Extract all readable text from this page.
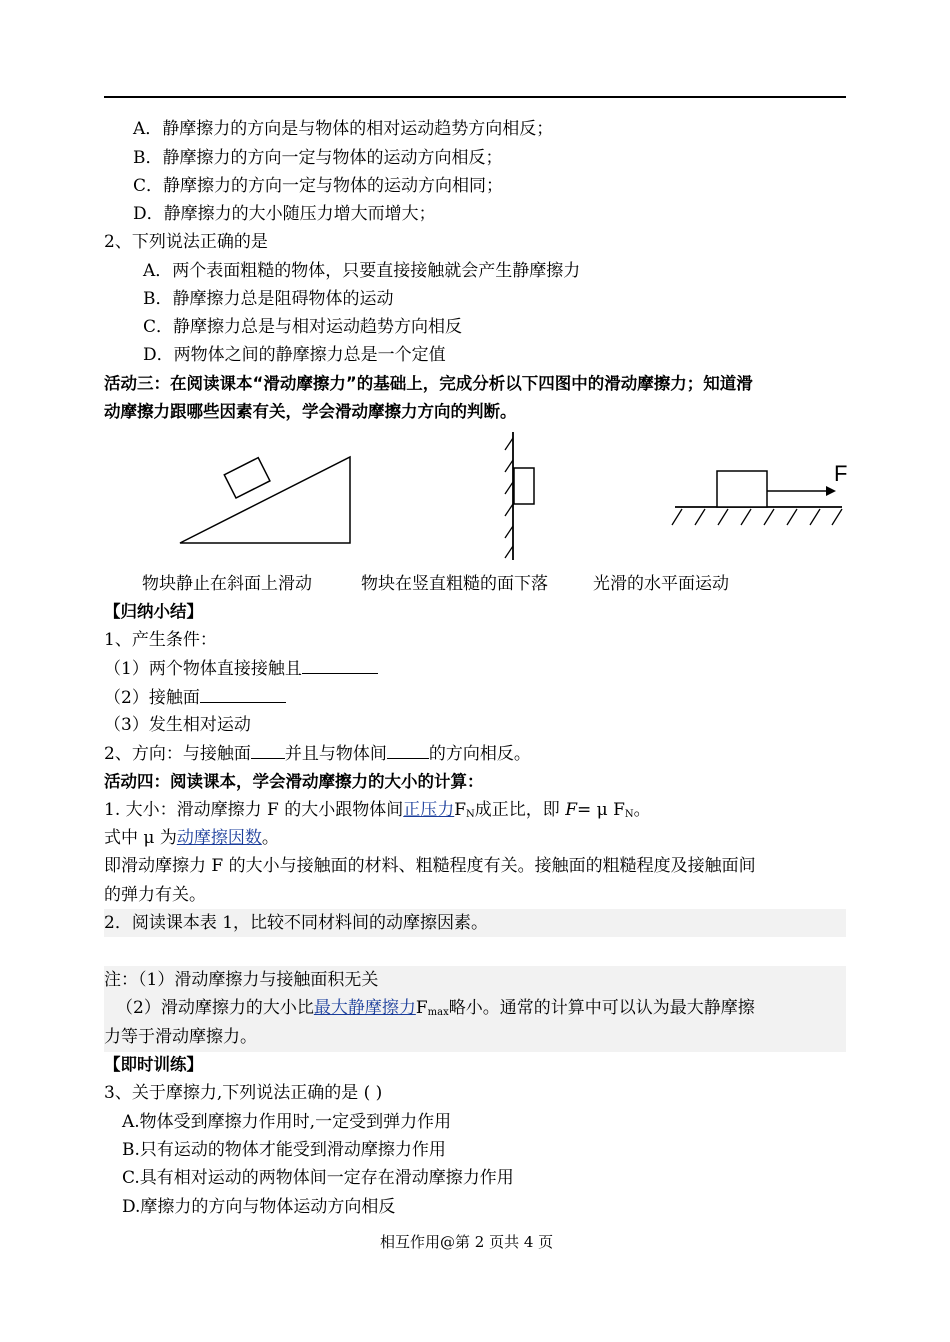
A．静摩擦力的方向是与物体的相对运动趋势方向相反；
B．静摩擦力的方向一定与物体的运动方向相反；
C．静摩擦力的方向一定与物体的运动方向相同；
D．静摩擦力的大小随压力增大而增大；
2、下列说法正确的是
A．两个表面粗糙的物体，只要直接接触就会产生静摩擦力
B．静摩擦力总是阻碍物体的运动
C．静摩擦力总是与相对运动趋势方向相反
D．两物体之间的静摩擦力总是一个定值
活动三：在阅读课本“滑动摩擦力”的基础上，完成分析以下四图中的滑动摩擦力；知道滑
动摩擦力跟哪些因素有关，学会滑动摩擦力方向的判断。
F
物块静止在斜面上滑动	物块在竖直粗糙的面下落	光滑的水平面运动
【归纳小结】
1、产生条件：
（1）两个物体直接接触且
（2）接触面
（3）发生相对运动
2、方向：与接触面 并且与物体间 的方向相反。
活动四：阅读课本，学会滑动摩擦力的大小的计算：
1. 大小：滑动摩擦力 F 的大小跟物体间正压力$F_N$成正比，即 F= μ $F_N$。
式中 μ 为动摩擦因数。
即滑动摩擦力 F 的大小与接触面的材料、粗糙程度有关。接触面的粗糙程度及接触面间
的弹力有关。
2．阅读课本表 1，比较不同材料间的动摩擦因素。
注：（1）滑动摩擦力与接触面积无关
（2）滑动摩擦力的大小比最大静摩擦力$F_{max}$略小。通常的计算中可以认为最大静摩擦
力等于滑动摩擦力。
【即时训练】
3、关于摩擦力,下列说法正确的是 ( )
A.物体受到摩擦力作用时,一定受到弹力作用
B.只有运动的物体才能受到滑动摩擦力作用
C.具有相对运动的两物体间一定存在滑动摩擦力作用
D.摩擦力的方向与物体运动方向相反
相互作用@第 2 页共 4 页
